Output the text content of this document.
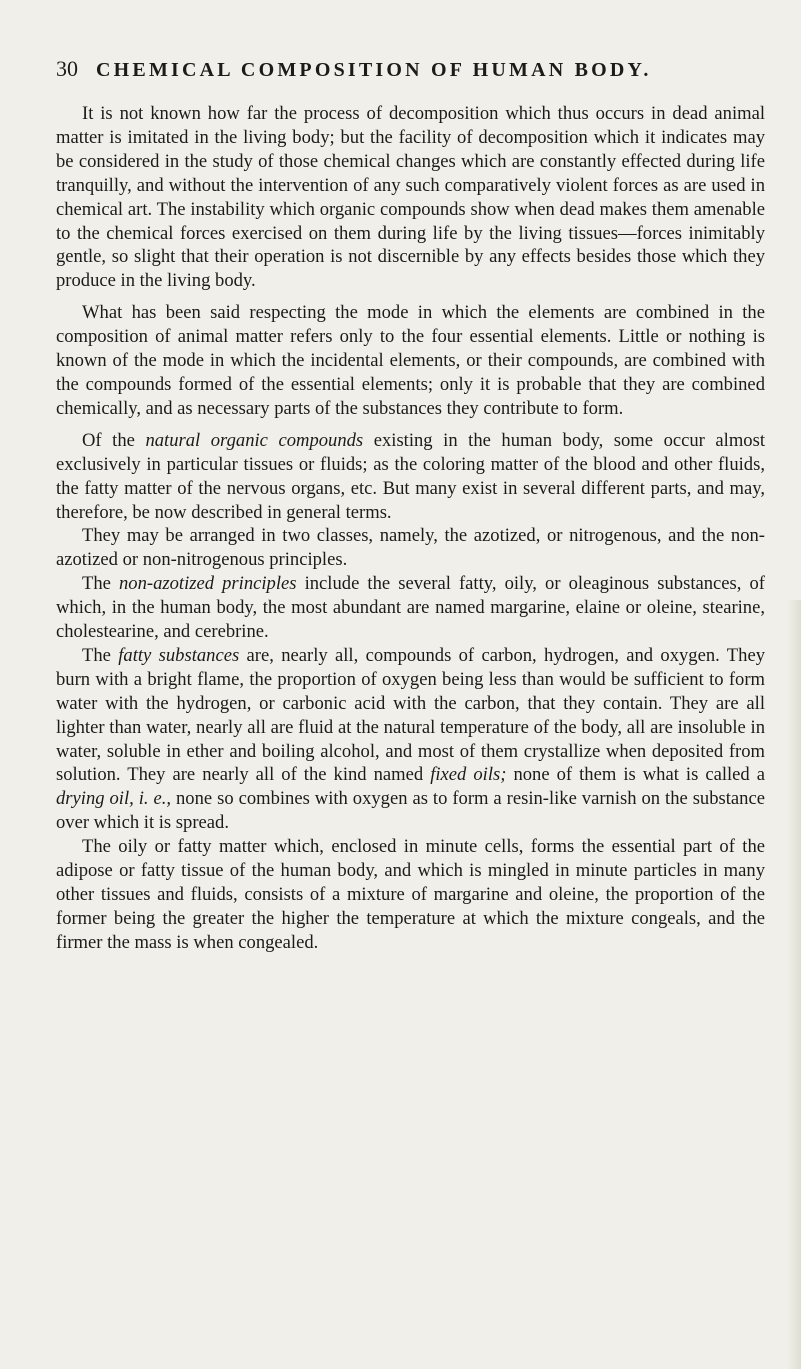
30 CHEMICAL COMPOSITION OF HUMAN BODY.

It is not known how far the process of decomposition which thus occurs in dead animal matter is imitated in the living body; but the facility of decomposition which it indicates may be considered in the study of those chemical changes which are constantly effected during life tranquilly, and without the intervention of any such comparatively violent forces as are used in chemical art. The instability which organic compounds show when dead makes them amenable to the chemical forces exercised on them during life by the living tissues—forces inimitably gentle, so slight that their operation is not discernible by any effects besides those which they produce in the living body.

What has been said respecting the mode in which the elements are combined in the composition of animal matter refers only to the four essential elements. Little or nothing is known of the mode in which the incidental elements, or their compounds, are combined with the compounds formed of the essential elements; only it is probable that they are combined chemically, and as necessary parts of the substances they contribute to form.

Of the natural organic compounds existing in the human body, some occur almost exclusively in particular tissues or fluids; as the coloring matter of the blood and other fluids, the fatty matter of the nervous organs, etc. But many exist in several different parts, and may, therefore, be now described in general terms.

They may be arranged in two classes, namely, the azotized, or nitrogenous, and the non-azotized or non-nitrogenous principles.

The non-azotized principles include the several fatty, oily, or oleaginous substances, of which, in the human body, the most abundant are named margarine, elaine or oleine, stearine, cholestearine, and cerebrine.

The fatty substances are, nearly all, compounds of carbon, hydrogen, and oxygen. They burn with a bright flame, the proportion of oxygen being less than would be sufficient to form water with the hydrogen, or carbonic acid with the carbon, that they contain. They are all lighter than water, nearly all are fluid at the natural temperature of the body, all are insoluble in water, soluble in ether and boiling alcohol, and most of them crystallize when deposited from solution. They are nearly all of the kind named fixed oils; none of them is what is called a drying oil, i. e., none so combines with oxygen as to form a resin-like varnish on the substance over which it is spread.

The oily or fatty matter which, enclosed in minute cells, forms the essential part of the adipose or fatty tissue of the human body, and which is mingled in minute particles in many other tissues and fluids, consists of a mixture of margarine and oleine, the proportion of the former being the greater the higher the temperature at which the mixture congeals, and the firmer the mass is when congealed.
